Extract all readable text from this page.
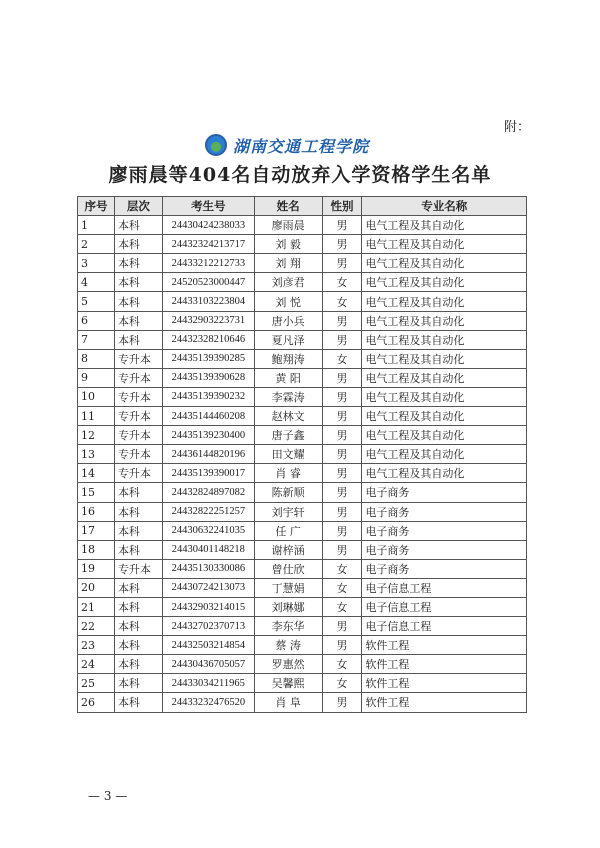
附：
湖南交通工程学院
廖雨晨等404名自动放弃入学资格学生名单
序号	层次	考生号	姓名	性别	专业名称
1	本科	24430424238033	廖雨晨	男	电气工程及其自动化
2	本科	24432324213717	刘 毅	男	电气工程及其自动化
3	本科	24433212212733	刘 翔	男	电气工程及其自动化
4	本科	24520523000447	刘彦君	女	电气工程及其自动化
5	本科	24433103223804	刘 悦	女	电气工程及其自动化
6	本科	24432903223731	唐小兵	男	电气工程及其自动化
7	本科	24432328210646	夏凡泽	男	电气工程及其自动化
8	专升本	24435139390285	鲍翔涛	女	电气工程及其自动化
9	专升本	24435139390628	黄 阳	男	电气工程及其自动化
10	专升本	24435139390232	李霖涛	男	电气工程及其自动化
11	专升本	24435144460208	赵林文	男	电气工程及其自动化
12	专升本	24435139230400	唐子鑫	男	电气工程及其自动化
13	专升本	24436144820196	田文耀	男	电气工程及其自动化
14	专升本	24435139390017	肖 睿	男	电气工程及其自动化
15	本科	24432824897082	陈新顺	男	电子商务
16	本科	24432822251257	刘宇轩	男	电子商务
17	本科	24430632241035	任 广	男	电子商务
18	本科	24430401148218	谢梓涵	男	电子商务
19	专升本	24435130330086	曾仕欣	女	电子商务
20	本科	24430724213073	丁慧娟	女	电子信息工程
21	本科	24432903214015	刘琳娜	女	电子信息工程
22	本科	24432702370713	李东华	男	电子信息工程
23	本科	24432503214854	蔡 涛	男	软件工程
24	本科	24430436705057	罗惠然	女	软件工程
25	本科	24433034211965	吴馨熙	女	软件工程
26	本科	24433232476520	肖 阜	男	软件工程
— 3 —
